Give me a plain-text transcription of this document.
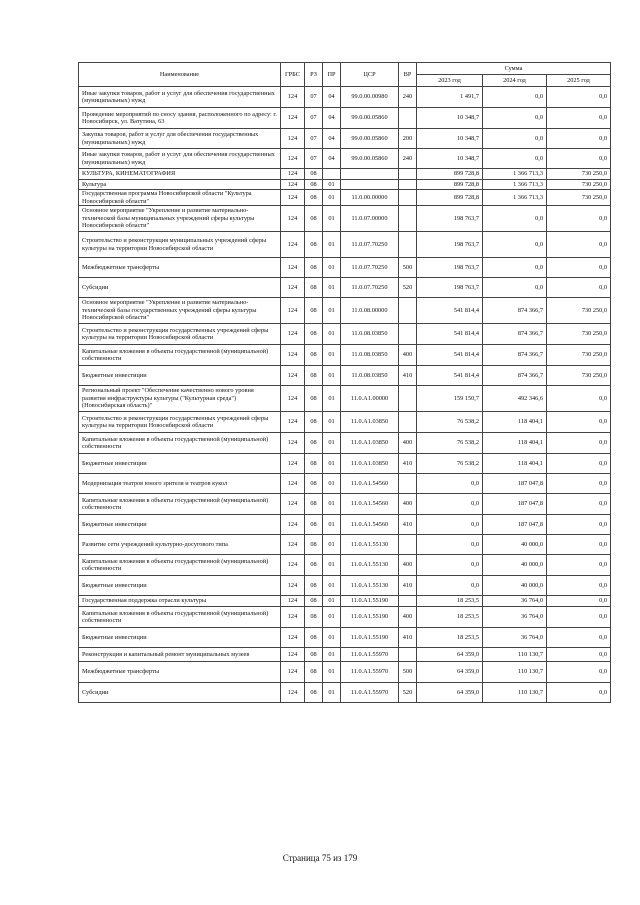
Наименование	ГРБС	РЗ	ПР	ЦСР	ВР	Сумма		
						2023 год	2024 год	2025 год
Иные закупки товаров, работ и услуг для обеспечения государственных (муниципальных) нужд	124	07	04	99.0.00.00980	240	1 491,7	0,0	0,0
Проведение мероприятий по сносу здания, расположенного по адресу: г. Новосибирск, ул. Ватутина, 63	124	07	04	99.0.00.05860		10 348,7	0,0	0,0
Закупка товаров, работ и услуг для обеспечения государственных (муниципальных) нужд	124	07	04	99.0.00.05860	200	10 348,7	0,0	0,0
Иные закупки товаров, работ и услуг для обеспечения государственных (муниципальных) нужд	124	07	04	99.0.00.05860	240	10 348,7	0,0	0,0
КУЛЬТУРА, КИНЕМАТОГРАФИЯ	124	08				899 728,8	1 366 713,3	730 250,0
Культура	124	08	01			899 728,8	1 366 713,3	730 250,0
Государственная программа Новосибирской области "Культура Новосибирской области"	124	08	01	11.0.00.00000		899 728,8	1 366 713,3	730 250,0
Основное мероприятие "Укрепление и развитие материально-технической базы муниципальных учреждений сферы культуры Новосибирской области"	124	08	01	11.0.07.00000		198 763,7	0,0	0,0
Строительство и реконструкция муниципальных учреждений сферы культуры на территории Новосибирской области	124	08	01	11.0.07.70250		198 763,7	0,0	0,0
Межбюджетные трансферты	124	08	01	11.0.07.70250	500	198 763,7	0,0	0,0
Субсидии	124	08	01	11.0.07.70250	520	198 763,7	0,0	0,0
Основное мероприятие "Укрепление и развитие материально-технической базы государственных учреждений сферы культуры Новосибирской области"	124	08	01	11.0.08.00000		541 814,4	874 366,7	730 250,0
Строительство и реконструкция государственных учреждений сферы культуры на территории Новосибирской области	124	08	01	11.0.08.03850		541 814,4	874 366,7	730 250,0
Капитальные вложения в объекты государственной (муниципальной) собственности	124	08	01	11.0.08.03850	400	541 814,4	874 366,7	730 250,0
Бюджетные инвестиции	124	08	01	11.0.08.03850	410	541 814,4	874 366,7	730 250,0
Региональный проект "Обеспечение качественно нового уровня развития инфраструктуры культуры ("Культурная среда") (Новосибирская область)"	124	08	01	11.0.A1.00000		159 150,7	492 346,6	0,0
Строительство и реконструкция государственных учреждений сферы культуры на территории Новосибирской области	124	08	01	11.0.A1.03850		76 538,2	118 404,1	0,0
Капитальные вложения в объекты государственной (муниципальной) собственности	124	08	01	11.0.A1.03850	400	76 538,2	118 404,1	0,0
Бюджетные инвестиции	124	08	01	11.0.A1.03850	410	76 538,2	118 404,1	0,0
Модернизация театров юного зрителя и театров кукол	124	08	01	11.0.A1.54560		0,0	187 047,8	0,0
Капитальные вложения в объекты государственной (муниципальной) собственности	124	08	01	11.0.A1.54560	400	0,0	187 047,8	0,0
Бюджетные инвестиции	124	08	01	11.0.A1.54560	410	0,0	187 047,8	0,0
Развитие сети учреждений культурно-досугового типа	124	08	01	11.0.A1.55130		0,0	40 000,0	0,0
Капитальные вложения в объекты государственной (муниципальной) собственности	124	08	01	11.0.A1.55130	400	0,0	40 000,0	0,0
Бюджетные инвестиции	124	08	01	11.0.A1.55130	410	0,0	40 000,0	0,0
Государственная поддержка отрасли культуры	124	08	01	11.0.A1.55190		18 253,5	36 764,0	0,0
Капитальные вложения в объекты государственной (муниципальной) собственности	124	08	01	11.0.A1.55190	400	18 253,5	36 764,0	0,0
Бюджетные инвестиции	124	08	01	11.0.A1.55190	410	18 253,5	36 764,0	0,0
Реконструкция и капитальный ремонт муниципальных музеев	124	08	01	11.0.A1.55970		64 359,0	110 130,7	0,0
Межбюджетные трансферты	124	08	01	11.0.A1.55970	500	64 359,0	110 130,7	0,0
Субсидии	124	08	01	11.0.A1.55970	520	64 359,0	110 130,7	0,0
Страница 75 из 179
